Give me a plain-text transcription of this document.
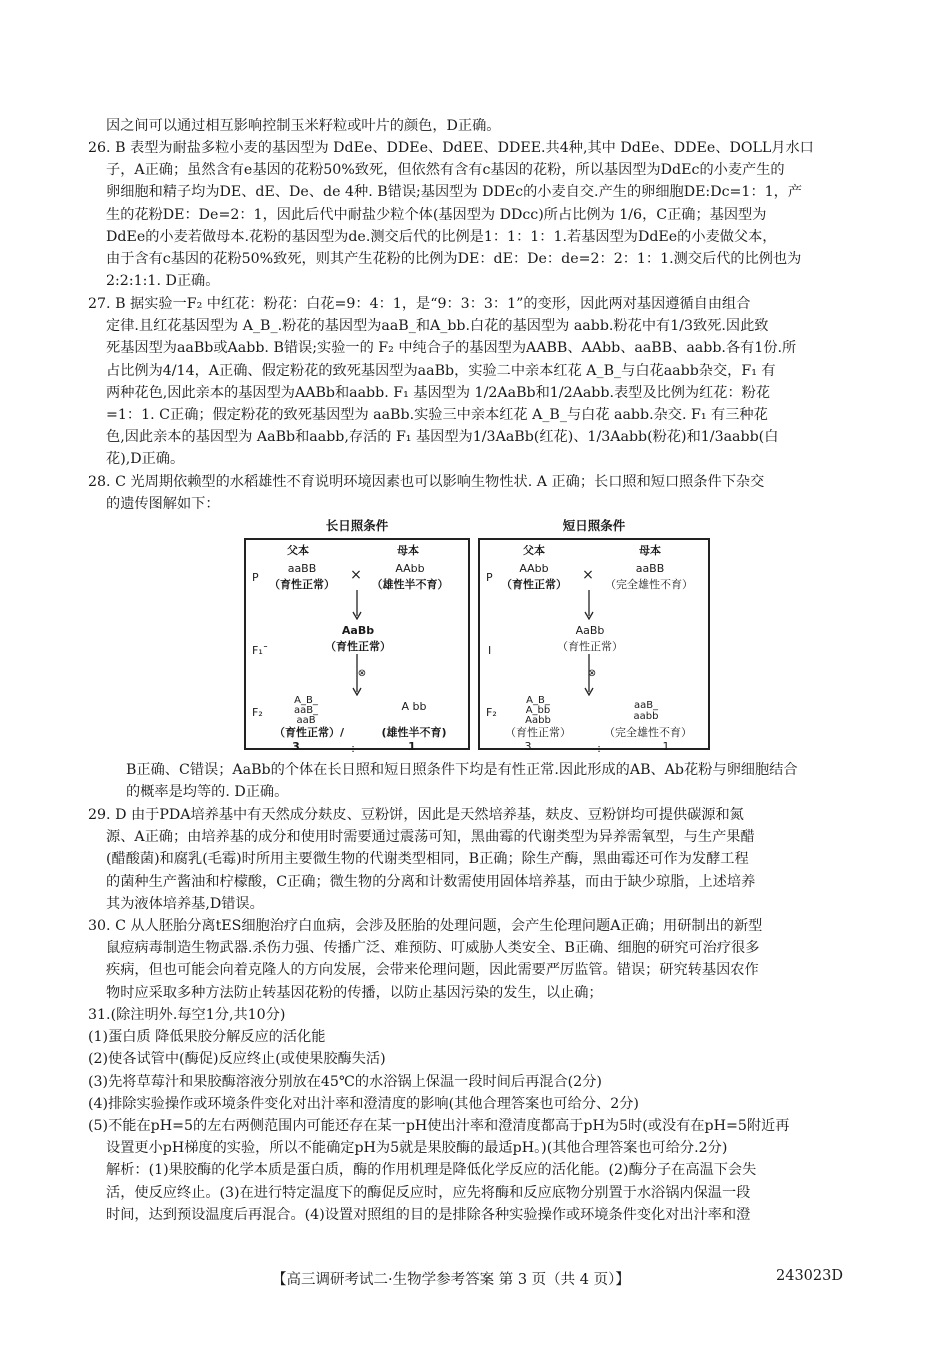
因之间可以通过相互影响控制玉米籽粒或叶片的颜色，D正确。
26. B 表型为耐盐多粒小麦的基因型为 DdEe、DDEe、DdEE、DDEE.共4种,其中 DdEe、DDEe、DOLL月水口
子，A正确；虽然含有e基因的花粉50%致死，但依然有含有c基因的花粉，所以基因型为DdEc的小麦产生的
卵细胞和精子均为DE、dE、De、de 4种. B错误;基因型为 DDEc的小麦自交.产生的卵细胞DE:Dc=1：1，产
生的花粉DE：De=2：1，因此后代中耐盐少粒个体(基因型为 DDcc)所占比例为 1/6，C正确；基因型为
DdEe的小麦若做母本.花粉的基因型为de.测交后代的比例是1：1：1：1.若基因型为DdEe的小麦做父本，
由于含有c基因的花粉50%致死，则其产生花粉的比例为DE：dE：De：de=2：2：1：1.测交后代的比例也为
2:2:1:1. D正确。
27. B 据实验一F₂ 中红花：粉花：白花=9：4：1，是“9：3：3：1”的变形，因此两对基因遵循自由组合
定律.且红花基因型为 A_B_.粉花的基因型为aaB_和A_bb.白花的基因型为 aabb.粉花中有1/3致死.因此致
死基因型为aaBb或Aabb. B错误;实验一的 F₂ 中纯合子的基因型为AABB、AAbb、aaBB、aabb.各有1份.所
占比例为4/14，A正确、假定粉花的致死基因型为aaBb，实验二中亲本红花 A_B_与白花aabb杂交，F₁ 有
两种花色,因此亲本的基因型为AABb和aabb. F₁ 基因型为 1/2AaBb和1/2Aabb.表型及比例为红花：粉花
=1：1. C正确；假定粉花的致死基因型为 aaBb.实验三中亲本红花 A_B_与白花 aabb.杂交. F₁ 有三种花
色,因此亲本的基因型为 AaBb和aabb,存活的 F₁ 基因型为1/3AaBb(红花)、1/3Aabb(粉花)和1/3aabb(白
花),D正确。
28. C 光周期依赖型的水稻雄性不育说明环境因素也可以影响生物性状. A 正确；长口照和短口照条件下杂交
的遗传图解如下：
长日照条件
父本	母本
P
aaBB
（育性正常）
×	AAbb
（雄性半不育）
F₁ˉ
AaBb
（育性正常）
⊗
F₂
A_B_
aaB_
aaB
（育性正常）/
A bb
(雄性半不育)
3	：	1
短日照条件
父本	母本
P
AAbb
（育性正常）
×	aaBB
（完全雄性不育）
I
AaBb
（育性正常）
⊗
F₂
A_B_
A_bb
Aabb
（育性正常）
aaB_
aabb
（完全雄性不育）
3	：	1
B正确、C错误；AaBb的个体在长日照和短日照条件下均是有性正常.因此形成的AB、Ab花粉与卵细胞结合
的概率是均等的. D正确。
29. D 由于PDA培养基中有天然成分麸皮、豆粉饼，因此是天然培养基，麸皮、豆粉饼均可提供碳源和氮
源、A正确；由培养基的成分和使用时需要通过震荡可知，黑曲霉的代谢类型为异养需氧型，与生产果醋
(醋酸菌)和腐乳(毛霉)时所用主要微生物的代谢类型相同，B正确；除生产酶，黑曲霉还可作为发酵工程
的菌种生产酱油和柠檬酸，C正确；微生物的分离和计数需使用固体培养基，而由于缺少琼脂，上述培养
其为液体培养基,D错误。
30. C 从人胚胎分离tES细胞治疗白血病，会涉及胚胎的处理问题，会产生伦理问题A正确；用研制出的新型
鼠痘病毒制造生物武器.杀伤力强、传播广泛、难预防、叮威胁人类安全、B正确、细胞的研究可治疗很多
疾病，但也可能会向着克隆人的方向发展，会带来伦理问题，因此需要严厉监管。错误；研究转基因农作
物时应采取多种方法防止转基因花粉的传播，以防止基因污染的发生，以止确；
31.(除注明外.每空1分,共10分)
(1)蛋白质 降低果胶分解反应的活化能
(2)使各试管中(酶促)反应终止(或使果胶酶失活)
(3)先将草莓汁和果胶酶溶液分别放在45℃的水浴锅上保温一段时间后再混合(2分)
(4)排除实验操作或环境条件变化对出汁率和澄清度的影响(其他合理答案也可给分、2分)
(5)不能在pH=5的左右两侧范围内可能还存在某一pH使出汁率和澄清度都高于pH为5时(或没有在pH=5附近再
设置更小pH梯度的实验，所以不能确定pH为5就是果胶酶的最适pH。)(其他合理答案也可给分.2分)
解析：(1)果胶酶的化学本质是蛋白质，酶的作用机理是降低化学反应的活化能。(2)酶分子在高温下会失
活，使反应终止。(3)在进行特定温度下的酶促反应时，应先将酶和反应底物分别置于水浴锅内保温一段
时间，达到预设温度后再混合。(4)设置对照组的目的是排除各种实验操作或环境条件变化对出汁率和澄
【高三调研考试二·生物学参考答案 第 3 页（共 4 页）】	243023D
